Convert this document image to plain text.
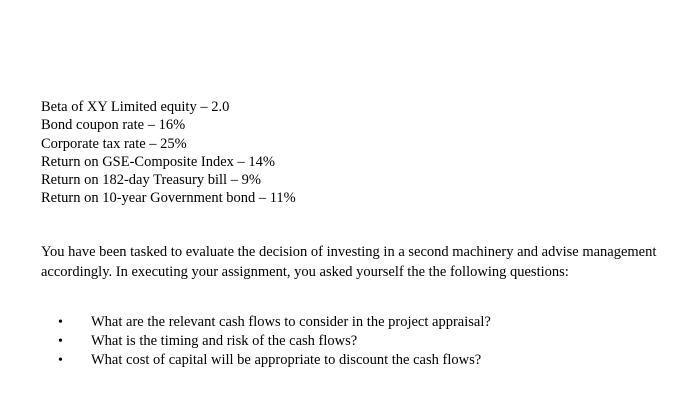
Beta of XY Limited equity – 2.0
Bond coupon rate – 16%
Corporate tax rate – 25%
Return on GSE-Composite Index – 14%
Return on 182-day Treasury bill – 9%
Return on 10-year Government bond – 11%

You have been tasked to evaluate the decision of investing in a second machinery and advise management accordingly. In executing your assignment, you asked yourself the the following questions:

• What are the relevant cash flows to consider in the project appraisal?
• What is the timing and risk of the cash flows?
• What cost of capital will be appropriate to discount the cash flows?
